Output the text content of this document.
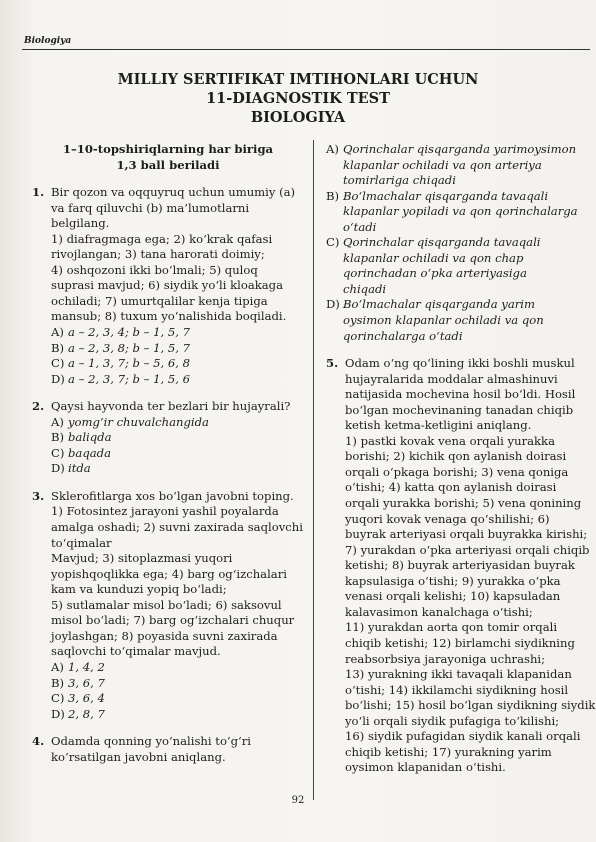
Biologiya
MILLIY SERTIFIKAT IMTIHONLARI UCHUN
11-DIAGNOSTIK TEST
BIOLOGIYA
1–10-topshiriqlarning har biriga
1,3 ball beriladi
1. Bir qozon va oqquyruq uchun umumiy (a)
va farq qiluvchi (b) ma’lumotlarni
belgilang.
1) diafragmaga ega; 2) ko‘krak qafasi
rivojlangan; 3) tana harorati doimiy;
4) oshqozoni ikki bo‘lmali; 5) quloq
suprasi mavjud; 6) siydik yo‘li kloakaga
ochiladi; 7) umurtqalilar kenja tipiga
mansub; 8) tuxum yo‘nalishida boqiladi.
A) a – 2, 3, 4; b – 1, 5, 7
B) a – 2, 3, 8; b – 1, 5, 7
C) a – 1, 3, 7; b – 5, 6, 8
D) a – 2, 3, 7; b – 1, 5, 6
2. Qaysi hayvonda ter bezlari bir hujayrali?
A) yomg‘ir chuvalchangida
B) baliqda
C) baqada
D) itda
3. Sklerofitlarga xos bo‘lgan javobni toping.
1) Fotosintez jarayoni yashil poyalarda
amalga oshadi; 2) suvni zaxirada saqlovchi
to‘qimalar
Mavjud; 3) sitoplazmasi yuqori
yopishqoqlikka ega; 4) barg og‘izchalari
kam va kunduzi yopiq bo‘ladi;
5) sutlamalar misol bo‘ladi; 6) saksovul
misol bo‘ladi; 7) barg og‘izchalari chuqur
joylashgan; 8) poyasida suvni zaxirada
saqlovchi to‘qimalar mavjud.
A) 1, 4, 2
B) 3, 6, 7
C) 3, 6, 4
D) 2, 8, 7
4. Odamda qonning yo‘nalishi to‘g‘ri
ko‘rsatilgan javobni aniqlang.
A) Qorinchalar qisqarganda yarimoysimon
klapanlar ochiladi va qon arteriya
tomirlariga chiqadi
B) Bo‘lmachalar qisqarganda tavaqali
klapanlar yopiladi va qon qorinchalarga
o‘tadi
C) Qorinchalar qisqarganda tavaqali
klapanlar ochiladi va qon chap
qorinchadan o‘pka arteriyasiga
chiqadi
D) Bo‘lmachalar qisqarganda yarim
oysimon klapanlar ochiladi va qon
qorinchalarga o‘tadi
5. Odam o‘ng qo‘lining ikki boshli muskul
hujayralarida moddalar almashinuvi
natijasida mochevina hosil bo‘ldi. Hosil
bo‘lgan mochevinaning tanadan chiqib
ketish ketma-ketligini aniqlang.
1) pastki kovak vena orqali yurakka
borishi; 2) kichik qon aylanish doirasi
orqali o‘pkaga borishi; 3) vena qoniga
o‘tishi; 4) katta qon aylanish doirasi
orqali yurakka borishi; 5) vena qonining
yuqori kovak venaga qo‘shilishi; 6)
buyrak arteriyasi orqali buyrakka kirishi;
7) yurakdan o‘pka arteriyasi orqali chiqib
ketishi; 8) buyrak arteriyasidan buyrak
kapsulasiga o‘tishi; 9) yurakka o‘pka
venasi orqali kelishi; 10) kapsuladan
kalavasimon kanalchaga o‘tishi;
11) yurakdan aorta qon tomir orqali
chiqib ketishi; 12) birlamchi siydikning
reabsorbsiya jarayoniga uchrashi;
13) yurakning ikki tavaqali klapanidan
o‘tishi; 14) ikkilamchi siydikning hosil
bo‘lishi; 15) hosil bo‘lgan siydikning siydik
yo‘li orqali siydik pufagiga to‘kilishi;
16) siydik pufagidan siydik kanali orqali
chiqib ketishi; 17) yurakning yarim
oysimon klapanidan o‘tishi.
92
